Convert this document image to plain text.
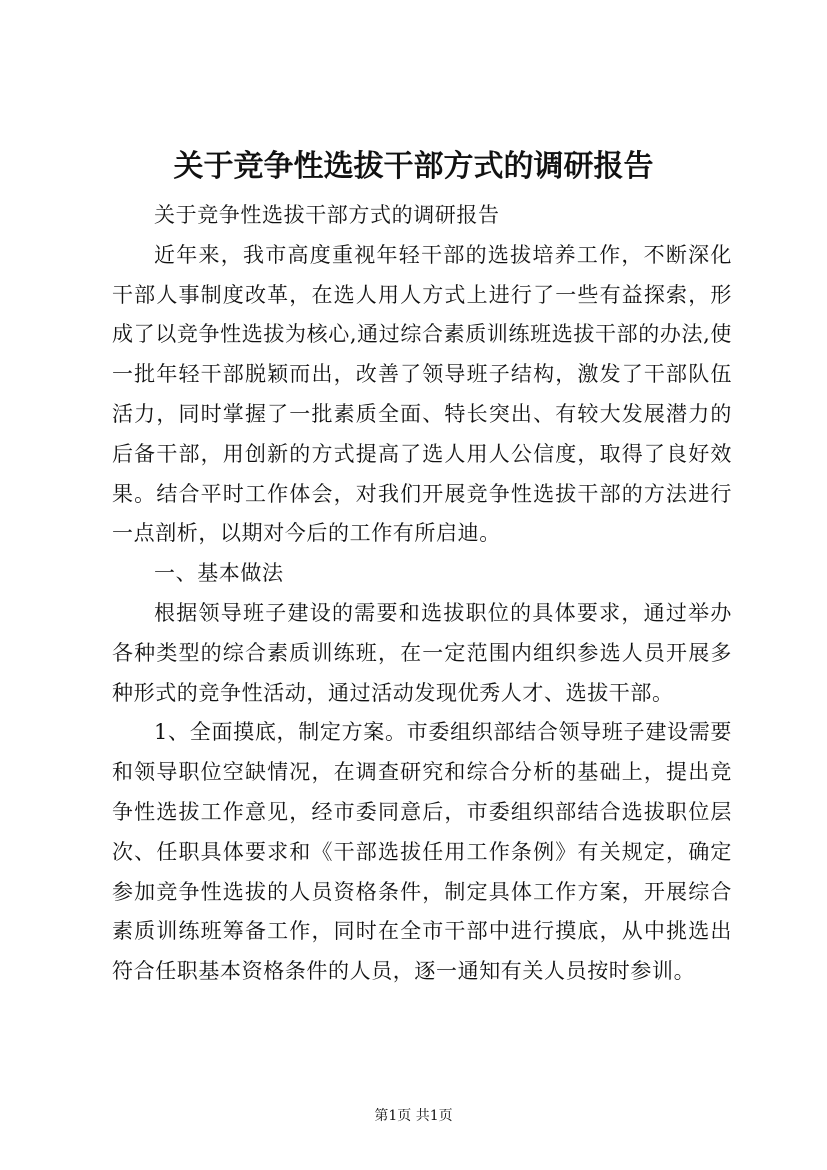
关于竞争性选拔干部方式的调研报告

关于竞争性选拔干部方式的调研报告

近年来，我市高度重视年轻干部的选拔培养工作，不断深化干部人事制度改革，在选人用人方式上进行了一些有益探索，形成了以竞争性选拔为核心,通过综合素质训练班选拔干部的办法,使一批年轻干部脱颖而出，改善了领导班子结构，激发了干部队伍活力，同时掌握了一批素质全面、特长突出、有较大发展潜力的后备干部，用创新的方式提高了选人用人公信度，取得了良好效果。结合平时工作体会，对我们开展竞争性选拔干部的方法进行一点剖析，以期对今后的工作有所启迪。

一、基本做法

根据领导班子建设的需要和选拔职位的具体要求，通过举办各种类型的综合素质训练班，在一定范围内组织参选人员开展多种形式的竞争性活动，通过活动发现优秀人才、选拔干部。

1、全面摸底，制定方案。市委组织部结合领导班子建设需要和领导职位空缺情况，在调查研究和综合分析的基础上，提出竞争性选拔工作意见，经市委同意后，市委组织部结合选拔职位层次、任职具体要求和《干部选拔任用工作条例》有关规定，确定参加竞争性选拔的人员资格条件，制定具体工作方案，开展综合素质训练班筹备工作，同时在全市干部中进行摸底，从中挑选出符合任职基本资格条件的人员，逐一通知有关人员按时参训。

第1页 共1页
